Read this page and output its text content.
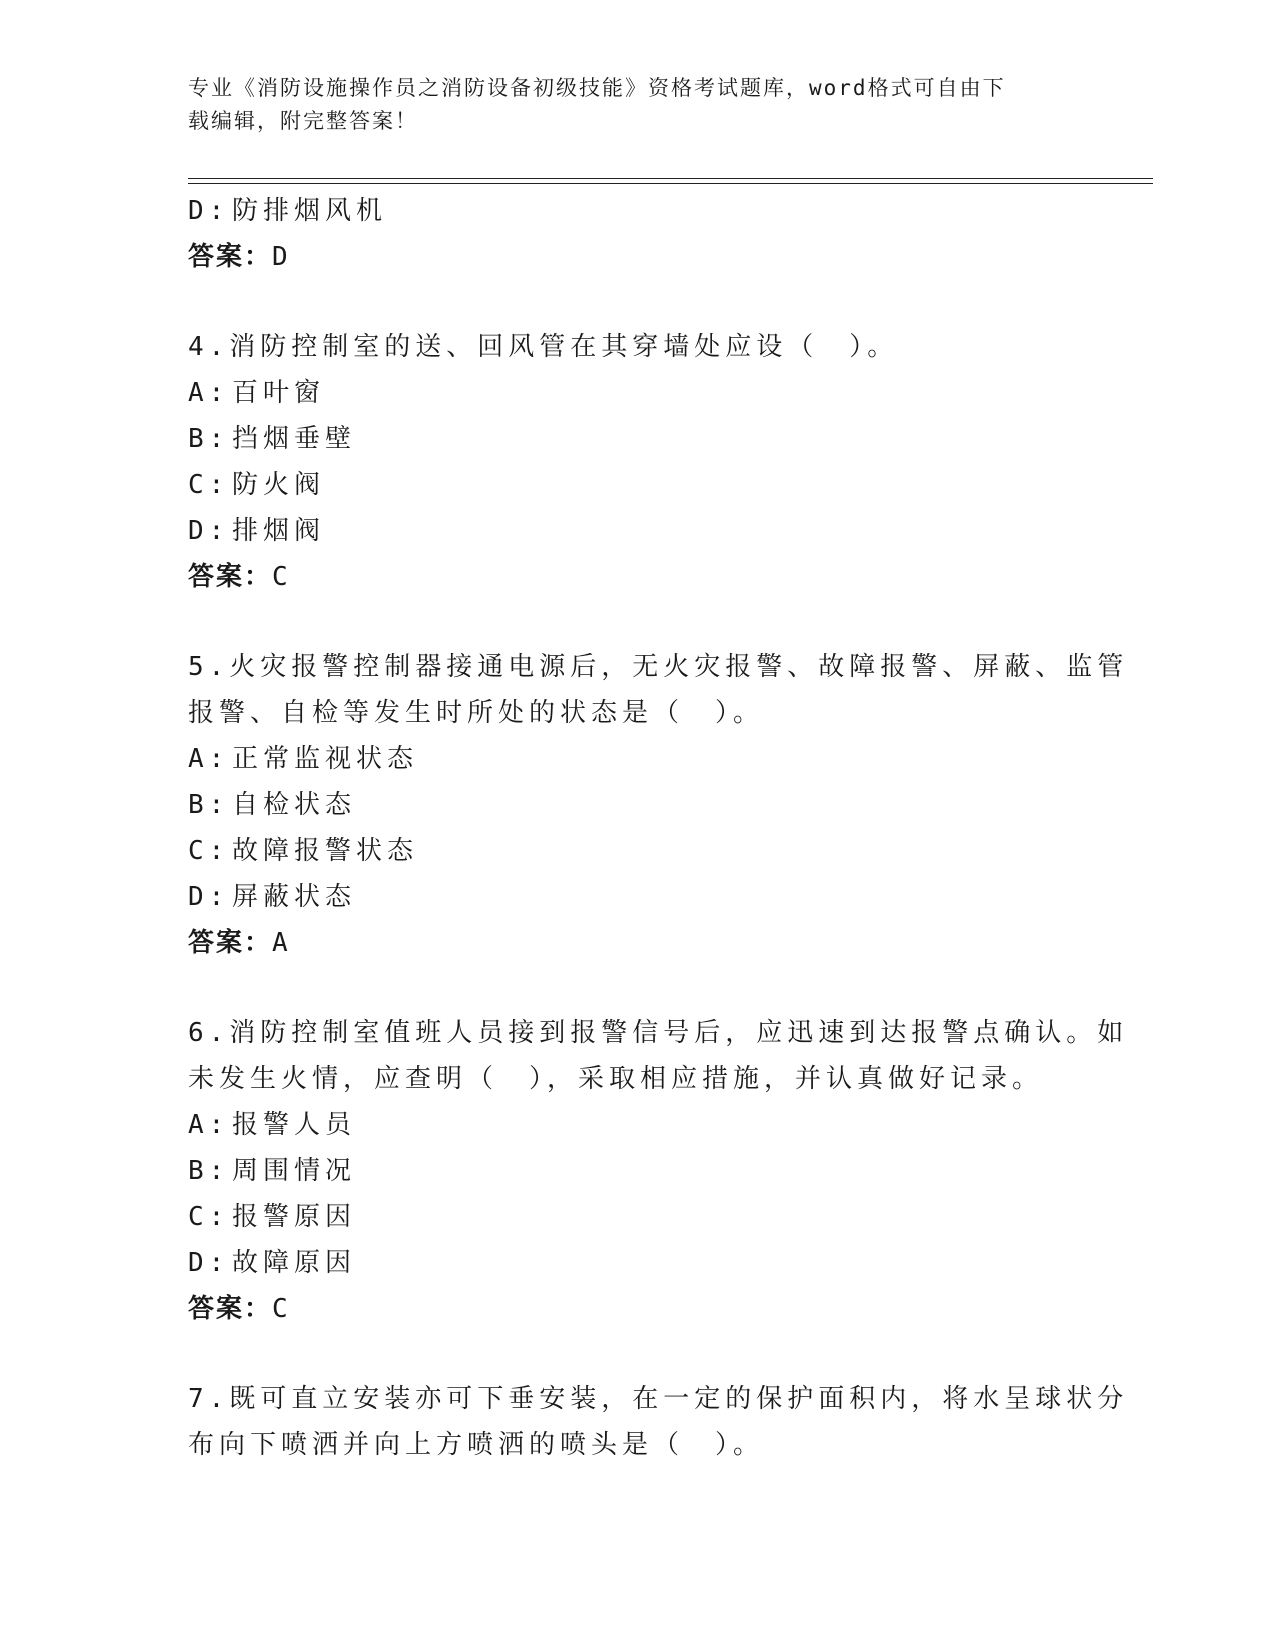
专业《消防设施操作员之消防设备初级技能》资格考试题库，word格式可自由下
载编辑，附完整答案！
D: 防排烟风机
答案：D
4.消防控制室的送、回风管在其穿墙处应设（　）。
A: 百叶窗
B: 挡烟垂壁
C: 防火阀
D: 排烟阀
答案：C
5.火灾报警控制器接通电源后，无火灾报警、故障报警、屏蔽、监管
报警、自检等发生时所处的状态是（　）。
A: 正常监视状态
B: 自检状态
C: 故障报警状态
D: 屏蔽状态
答案：A
6.消防控制室值班人员接到报警信号后，应迅速到达报警点确认。如
未发生火情，应查明（　），采取相应措施，并认真做好记录。
A: 报警人员
B: 周围情况
C: 报警原因
D: 故障原因
答案：C
7.既可直立安装亦可下垂安装，在一定的保护面积内，将水呈球状分
布向下喷洒并向上方喷洒的喷头是（　）。
